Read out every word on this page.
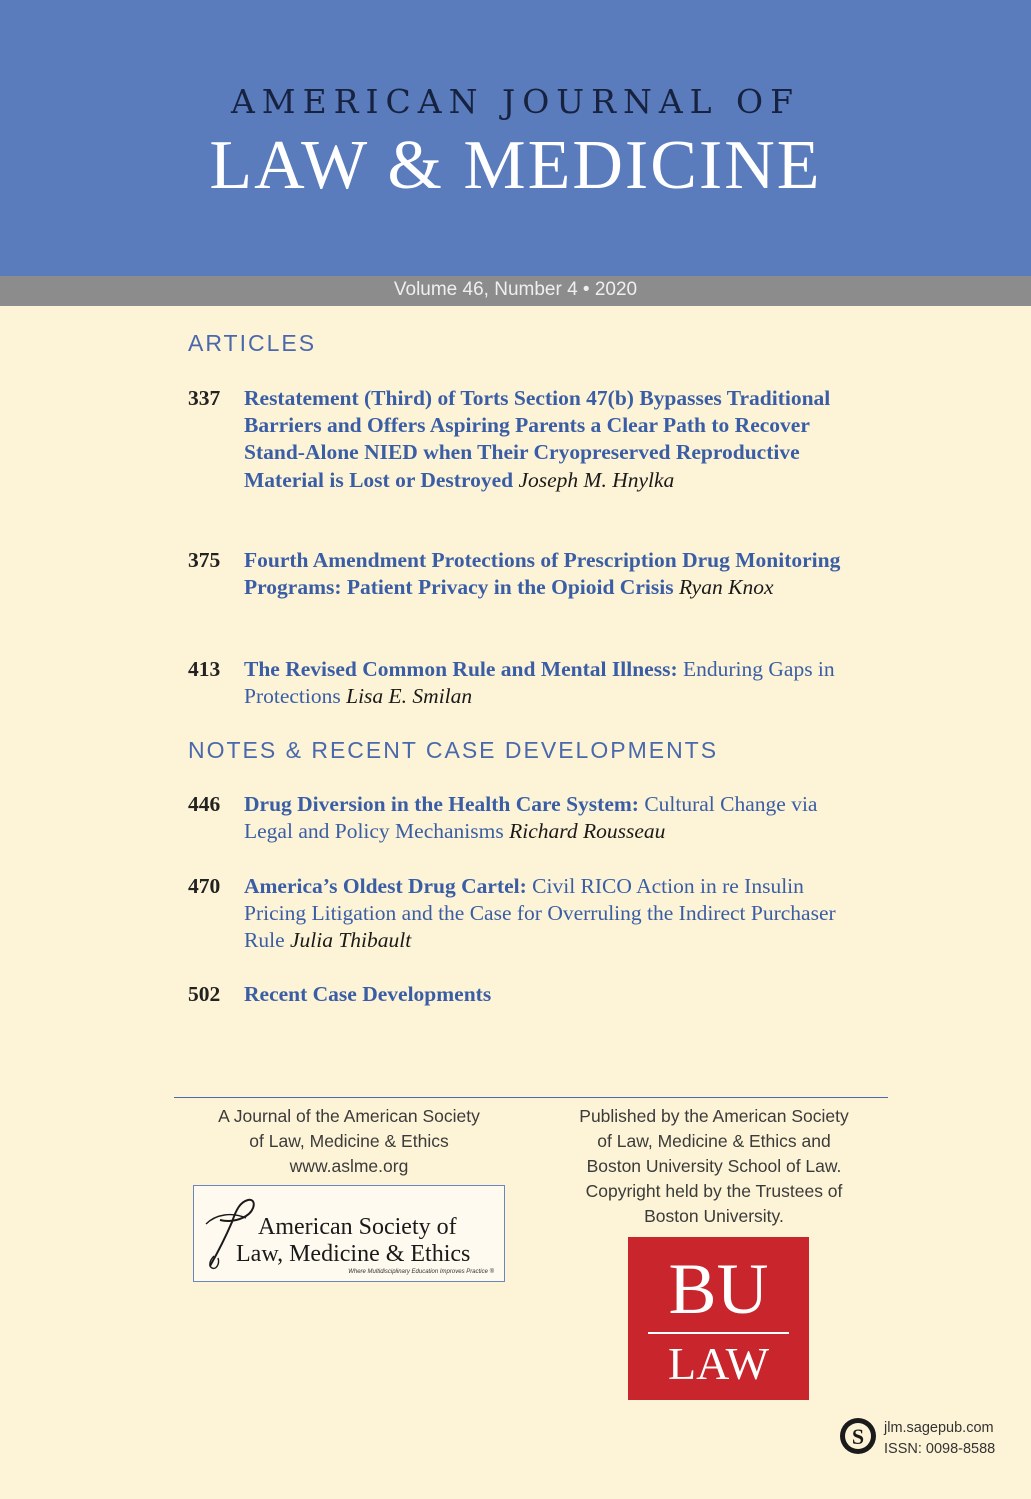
AMERICAN JOURNAL OF
LAW & MEDICINE
Volume 46, Number 4 • 2020
ARTICLES
337 Restatement (Third) of Torts Section 47(b) Bypasses Traditional Barriers and Offers Aspiring Parents a Clear Path to Recover Stand-Alone NIED when Their Cryopreserved Reproductive Material is Lost or Destroyed Joseph M. Hnylka
375 Fourth Amendment Protections of Prescription Drug Monitoring Programs: Patient Privacy in the Opioid Crisis Ryan Knox
413 The Revised Common Rule and Mental Illness: Enduring Gaps in Protections Lisa E. Smilan
NOTES & RECENT CASE DEVELOPMENTS
446 Drug Diversion in the Health Care System: Cultural Change via Legal and Policy Mechanisms Richard Rousseau
470 America’s Oldest Drug Cartel: Civil RICO Action in re Insulin Pricing Litigation and the Case for Overruling the Indirect Purchaser Rule Julia Thibault
502 Recent Case Developments
A Journal of the American Society
of Law, Medicine & Ethics
www.aslme.org
American Society of
Law, Medicine & Ethics
Where Multidisciplinary Education Improves Practice ®
Published by the American Society
of Law, Medicine & Ethics and
Boston University School of Law.
Copyright held by the Trustees of
Boston University.
BU
LAW
S jlm.sagepub.com
ISSN: 0098-8588
